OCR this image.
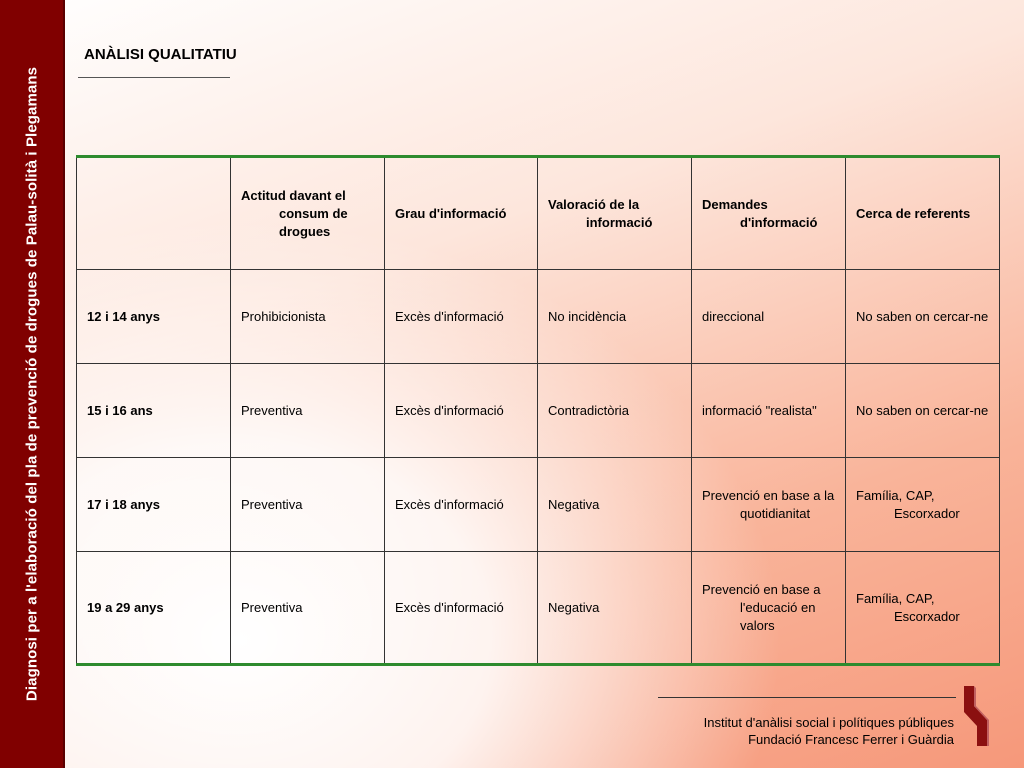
Diagnosi per a l'elaboració del pla de prevenció de drogues de Palau-solità i Plegamans
ANÀLISI QUALITATIU

	Actitud davant el consum de drogues	Grau d'informació	Valoració de la informació	Demandes d'informació	Cerca de referents

12 i 14 anys	Prohibicionista	Excès d'informació	No incidència	direccional	No saben on cercar-ne

15 i 16 ans	Preventiva	Excès d'informació	Contradictòria	informació "realista"	No saben on cercar-ne

17 i 18 anys	Preventiva	Excès d'informació	Negativa	Prevenció en base a la quotidianitat	Família, CAP, Escorxador

19 a 29 anys	Preventiva	Excès d'informació	Negativa	Prevenció en base a l'educació en valors	Família, CAP, Escorxador
Institut d'anàlisi social i polítiques públiques
Fundació Francesc Ferrer i Guàrdia
